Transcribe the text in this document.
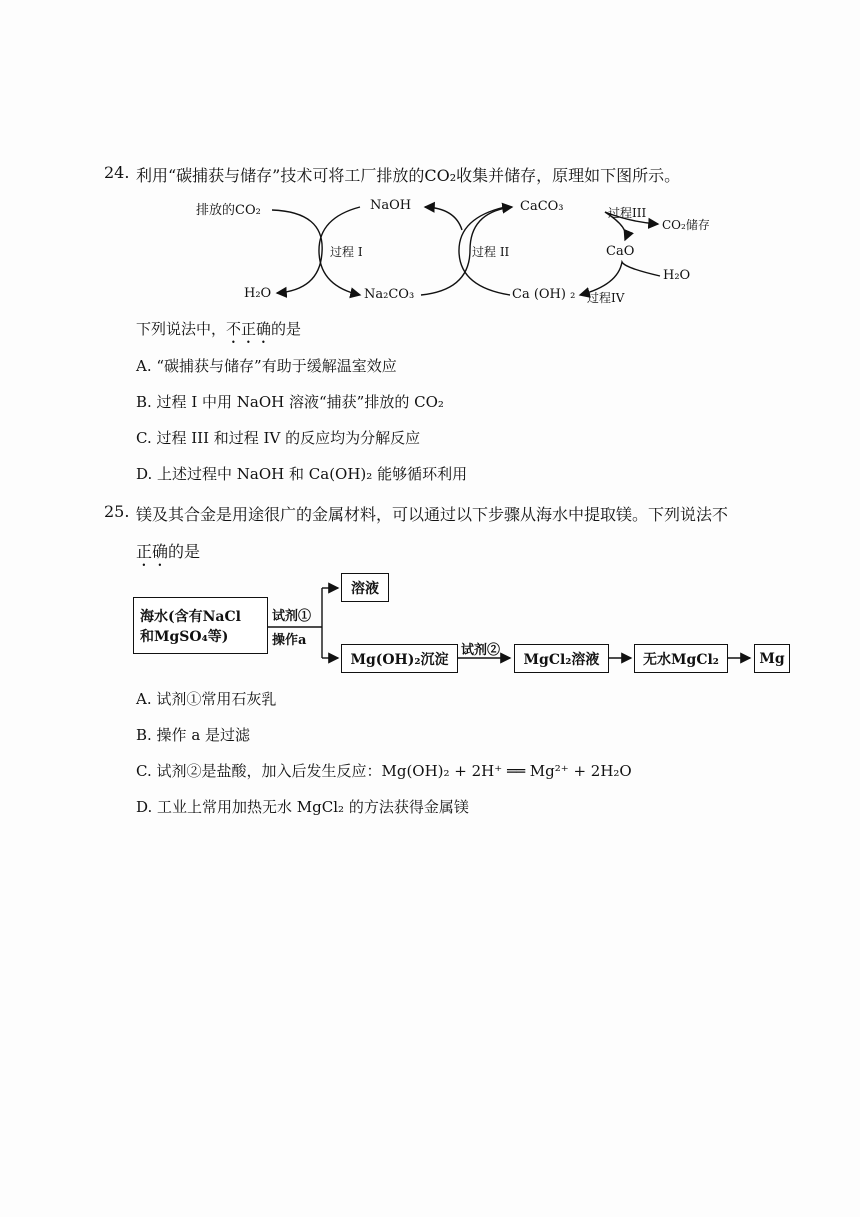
24. 利用“碳捕获与储存”技术可将工厂排放的CO₂收集并储存，原理如下图所示。
排放的CO₂	NaOH	CaCO₃	过程III
CO₂储存
过程 I	过程 II	CaO
H₂O
H₂O	Na₂CO₃	Ca (OH) ₂ 过程IV
下列说法中，不正确的是
A. “碳捕获与储存”有助于缓解温室效应
B. 过程 I 中用 NaOH 溶液“捕获”排放的 CO₂
C. 过程 III 和过程 IV 的反应均为分解反应
D. 上述过程中 NaOH 和 Ca(OH)₂ 能够循环利用
25. 镁及其合金是用途很广的金属材料，可以通过以下步骤从海水中提取镁。下列说法不
正确的是
海水(含有NaCl
和MgSO₄等)
试剂①
操作a
溶液
Mg(OH)₂沉淀
试剂②
MgCl₂溶液	无水MgCl₂	Mg
A. 试剂①常用石灰乳
B. 操作 a 是过滤
C. 试剂②是盐酸，加入后发生反应：Mg(OH)₂ + 2H⁺ ══ Mg²⁺ + 2H₂O
D. 工业上常用加热无水 MgCl₂ 的方法获得金属镁
